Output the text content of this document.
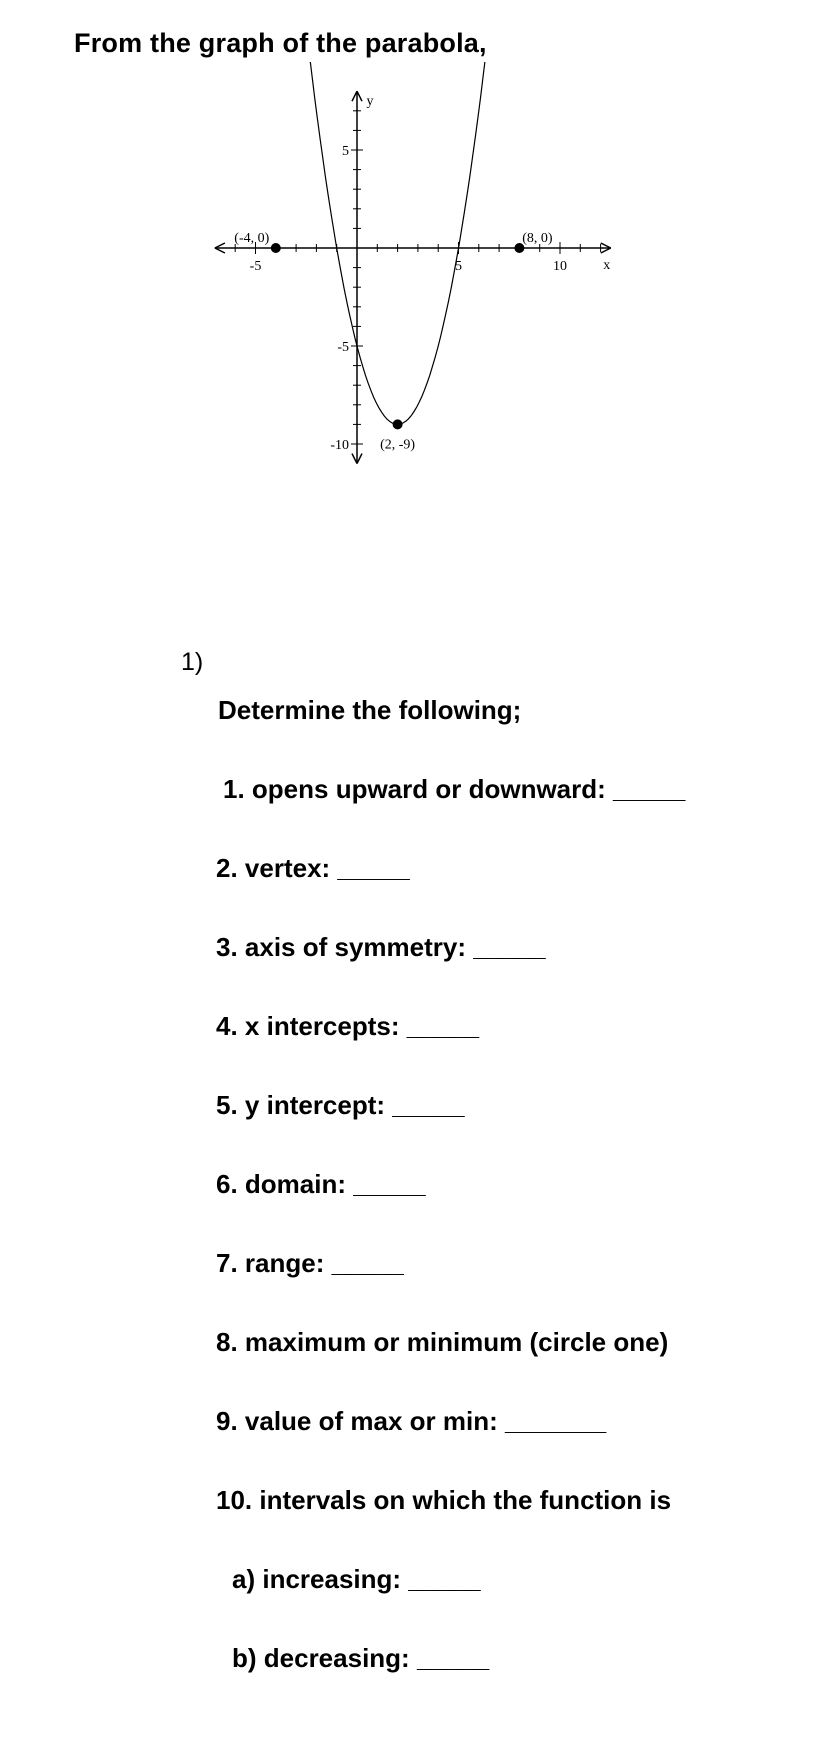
From the graph of the parabola,
-5	5	10
5
-5
-10
x
y
(-4, 0)	(8, 0)
(2, -9)
1)
Determine the following;
1. opens upward or downward: _____
2. vertex: _____
3. axis of symmetry: _____
4. x intercepts: _____
5. y intercept: _____
6. domain: _____
7. range: _____
8. maximum or minimum (circle one)
9. value of max or min: _______
10. intervals on which the function is
a) increasing: _____
b) decreasing: _____
